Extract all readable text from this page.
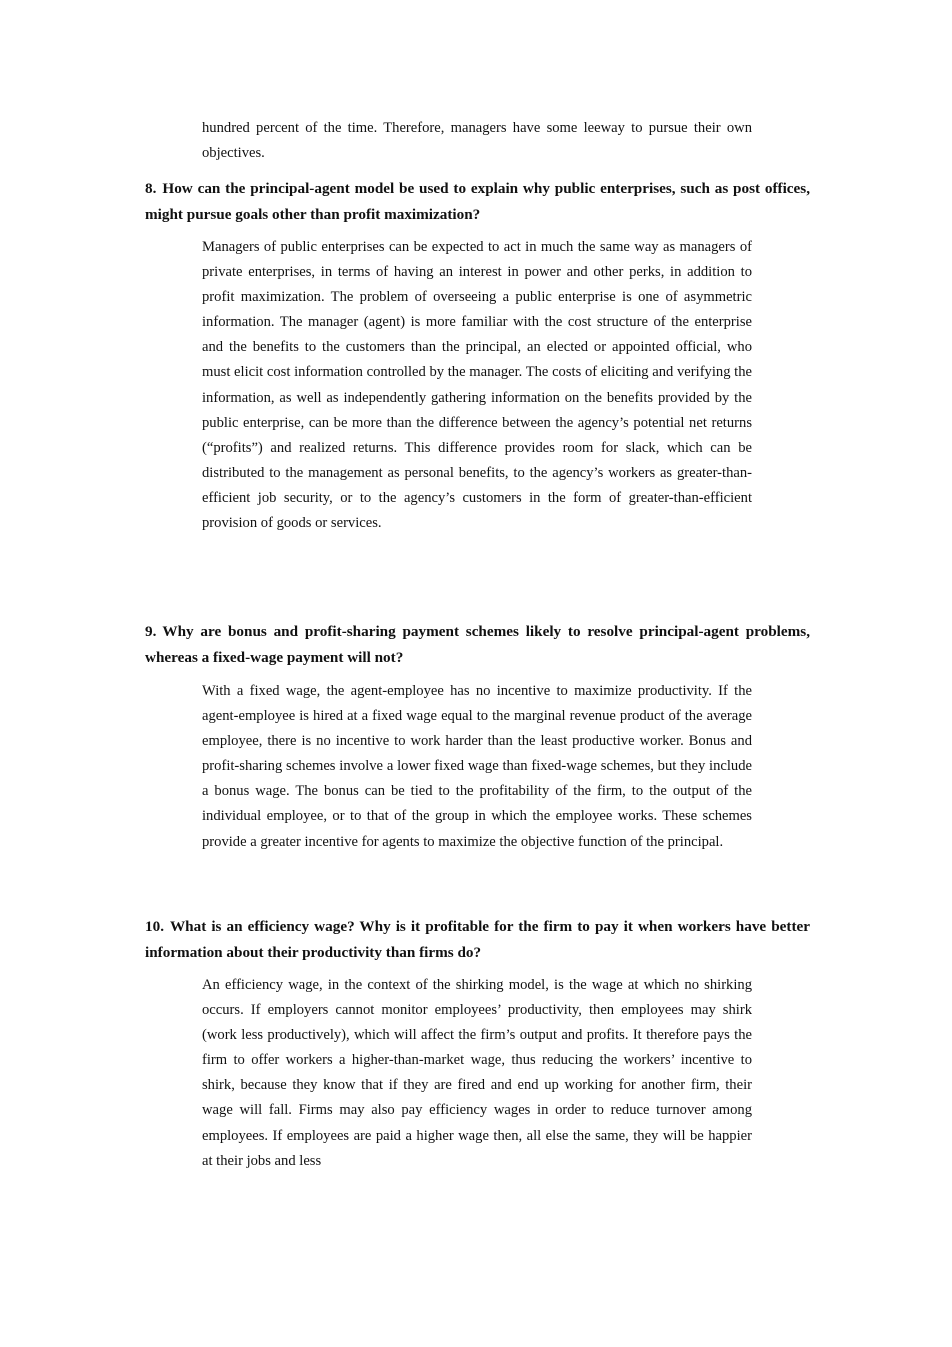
hundred percent of the time. Therefore, managers have some leeway to pursue their own objectives.

8. How can the principal-agent model be used to explain why public enterprises, such as post offices, might pursue goals other than profit maximization?

Managers of public enterprises can be expected to act in much the same way as managers of private enterprises, in terms of having an interest in power and other perks, in addition to profit maximization. The problem of overseeing a public enterprise is one of asymmetric information. The manager (agent) is more familiar with the cost structure of the enterprise and the benefits to the customers than the principal, an elected or appointed official, who must elicit cost information controlled by the manager. The costs of eliciting and verifying the information, as well as independently gathering information on the benefits provided by the public enterprise, can be more than the difference between the agency’s potential net returns (“profits”) and realized returns. This difference provides room for slack, which can be distributed to the management as personal benefits, to the agency’s workers as greater-than-efficient job security, or to the agency’s customers in the form of greater-than-efficient provision of goods or services.

9. Why are bonus and profit-sharing payment schemes likely to resolve principal-agent problems, whereas a fixed-wage payment will not?

With a fixed wage, the agent-employee has no incentive to maximize productivity. If the agent-employee is hired at a fixed wage equal to the marginal revenue product of the average employee, there is no incentive to work harder than the least productive worker. Bonus and profit-sharing schemes involve a lower fixed wage than fixed-wage schemes, but they include a bonus wage. The bonus can be tied to the profitability of the firm, to the output of the individual employee, or to that of the group in which the employee works. These schemes provide a greater incentive for agents to maximize the objective function of the principal.

10. What is an efficiency wage? Why is it profitable for the firm to pay it when workers have better information about their productivity than firms do?

An efficiency wage, in the context of the shirking model, is the wage at which no shirking occurs. If employers cannot monitor employees’ productivity, then employees may shirk (work less productively), which will affect the firm’s output and profits. It therefore pays the firm to offer workers a higher-than-market wage, thus reducing the workers’ incentive to shirk, because they know that if they are fired and end up working for another firm, their wage will fall. Firms may also pay efficiency wages in order to reduce turnover among employees. If employees are paid a higher wage then, all else the same, they will be happier at their jobs and less
